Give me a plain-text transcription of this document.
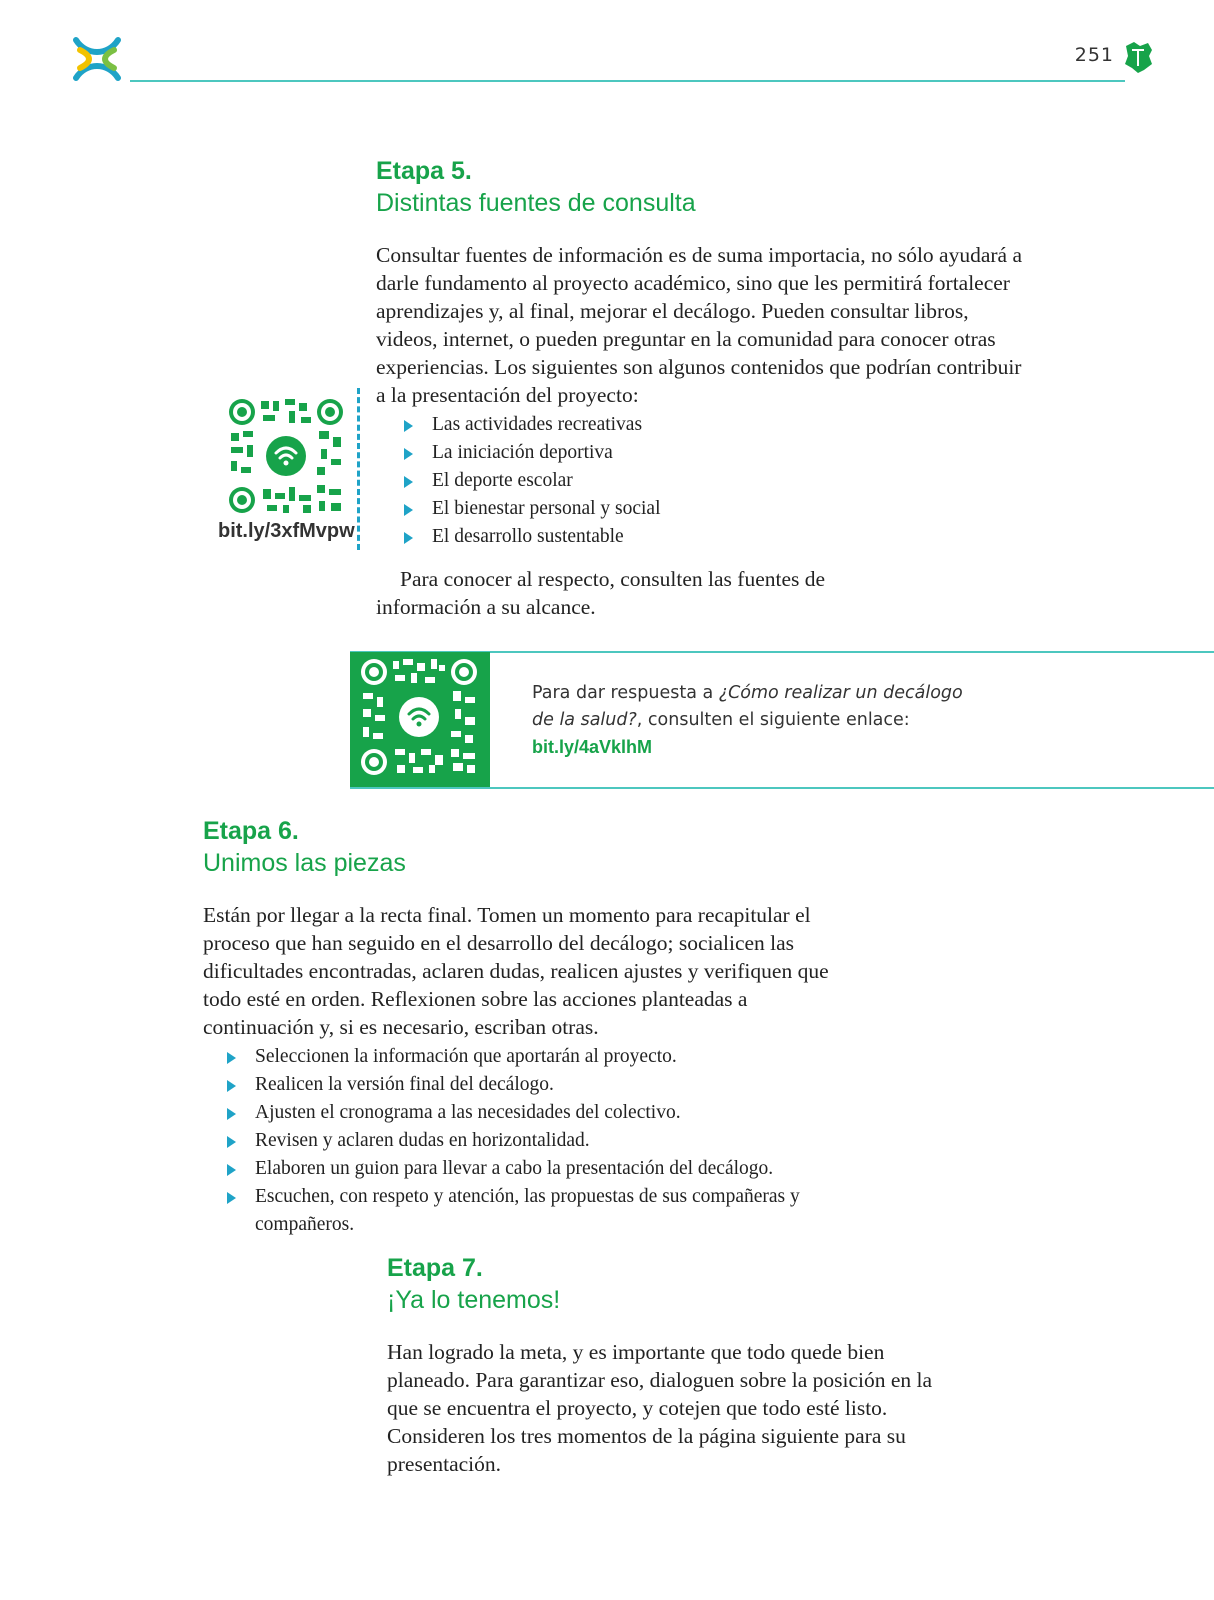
251
Etapa 5.
Distintas fuentes de consulta

Consultar fuentes de información es de suma importacia, no sólo ayudará a darle fundamento al proyecto académico, sino que les permitirá fortalecer aprendizajes y, al final, mejorar el decálogo. Pueden consultar libros, videos, internet, o pueden preguntar en la comunidad para conocer otras experiencias. Los siguientes son algunos contenidos que podrían contribuir a la presentación del proyecto:

Las actividades recreativas
La iniciación deportiva
El deporte escolar
El bienestar personal y social
El desarrollo sustentable

Para conocer al respecto, consulten las fuentes de información a su alcance.

bit.ly/3xfMvpw
Para dar respuesta a ¿Cómo realizar un decálogo de la salud?, consulten el siguiente enlace:
bit.ly/4aVklhM
Etapa 6.
Unimos las piezas

Están por llegar a la recta final. Tomen un momento para recapitular el proceso que han seguido en el desarrollo del decálogo; socialicen las dificultades encontradas, aclaren dudas, realicen ajustes y verifiquen que todo esté en orden. Reflexionen sobre las acciones planteadas a continuación y, si es necesario, escriban otras.

Seleccionen la información que aportarán al proyecto.
Realicen la versión final del decálogo.
Ajusten el cronograma a las necesidades del colectivo.
Revisen y aclaren dudas en horizontalidad.
Elaboren un guion para llevar a cabo la presentación del decálogo.
Escuchen, con respeto y atención, las propuestas de sus compañeras y compañeros.
Etapa 7.
¡Ya lo tenemos!

Han logrado la meta, y es importante que todo quede bien planeado. Para garantizar eso, dialoguen sobre la posición en la que se encuentra el proyecto, y cotejen que todo esté listo. Consideren los tres momentos de la página siguiente para su presentación.
